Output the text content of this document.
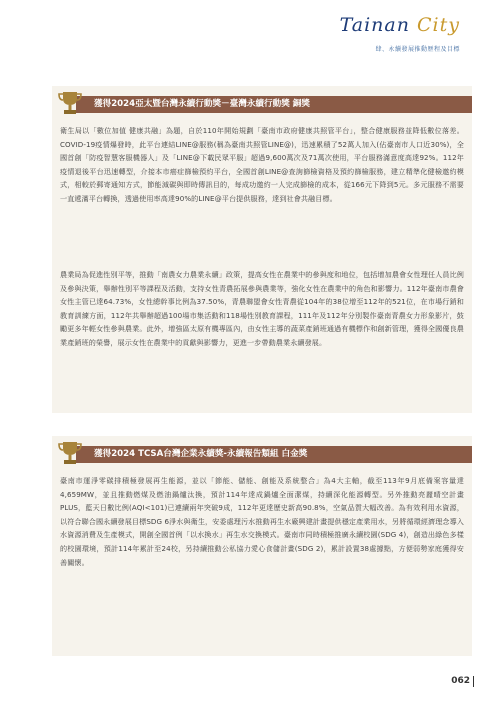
Tainan City
肆、永續發展推動歷程及目標
獲得2024亞太暨台灣永續行動獎－臺灣永續行動獎 銅獎
衛生局以「數位加值 健康共融」為題，自於110年開始規劃「臺南市政府健康共照管平台」，整合健康服務並降低數位落差。COVID-19疫情爆發時，此平台連結LINE@服務(稱為臺南共照管LINE@)，迅速累積了52萬人加入(佔臺南市人口近30%)，全國首創「防疫智慧客服機器人」及「LINE@下載民眾平服」超過9,600萬次及71萬次使用，平台服務滿意度高達92%。112年疫情退後平台迅速轉型，介接本市癌症篩檢預約平台，全國首創LINE@查詢篩檢資格及預約篩檢服務，建立精準化健檢邀約模式，相較於郵寄通知方式，節能減碳與即時傳訊目的，每成功邀約一人完成篩檢的成本，從166元下降到5元。多元服務不需要一直遞滿平台轉換，透過使用率高達90%的LINE@平台提供服務，達到社會共融目標。
農業局為促進性別平等，推動「南農女力農業永續」政策，提高女性在農業中的參與度和地位，包括增加農會女性理任人員比例及參與決策，舉辦性別平等課程及活動，支持女性青農拓展參與農業等，強化女性在農業中的角色和影響力。112年臺南市農會女性主管已達64.73%，女性總幹事比例為37.50%，青農聯盟會女性青農從104年的38位增至112年的521位，在市場行銷和教育訓練方面，112年共舉辦超過100場市集活動和118場性別教育課程，111年及112年分別製作臺南青農女力形象影片，鼓勵更多年輕女性參與農業。此外，增強區太原有機專區內，由女性主導的蔬菜產銷班通過有機標作和創新管理，獲得全國優良農業產銷班的榮譽，展示女性在農業中的貢獻與影響力，更進一步帶動農業永續發展。
獲得2024 TCSA台灣企業永續獎-永續報告類組 白金獎
臺南市運淨零碳排積極發展再生能源，並以「節能、儲能、創能及系統整合」為4大主軸，截至113年9月底備案容量達4,659MW，並且推動燃煤及燃油鍋爐汰換，預計114年達成鍋爐全面潔煤，持續深化能源轉型。另外推動亮麗晴空計畫PLUS，藍天日數比例(AQI<101)已連續兩年突破9成，112年更達歷史新高90.8%，空氣品質大幅改善。為有效利用水資源，以符合聯合國永續發展目標SDG 6淨水與衛生，安委處理污水推動再生水廠興建計畫提供穩定產業用水，另將循環經濟理念導入水資源消費及生產模式，開創全國首例「以水換水」再生水交換模式。臺南市同時積極推廣永續校園(SDG 4)，創造出綠色多樣的校園環境，預計114年累計至24校，另持續推動公私協力愛心食儲計畫(SDG 2)，累計設置38處據點，方便弱勢家庭獲得安善關懷。
062
